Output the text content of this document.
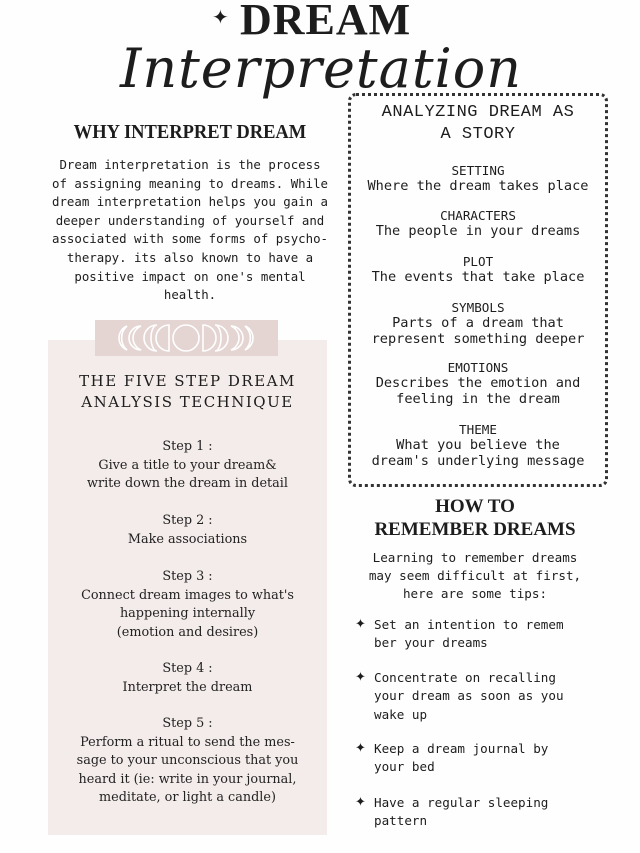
DREAM
✦
Interpretation
WHY INTERPRET DREAM
Dream interpretation is the process
of assigning meaning to dreams. While
dream interpretation helps you gain a
deeper understanding of yourself and
associated with some forms of psycho-
therapy. its also known to have a
positive impact on one's mental
health.
ANALYZING DREAM AS
A STORY
SETTING
Where the dream takes place
CHARACTERS
The people in your dreams
PLOT
The events that take place
SYMBOLS
Parts of a dream that
represent something deeper
EMOTIONS
Describes the emotion and
feeling in the dream
THEME
What you believe the
dream's underlying message
THE FIVE STEP DREAM
ANALYSIS TECHNIQUE
Step 1 :
Give a title to your dream&
write down the dream in detail
Step 2 :
Make associations
Step 3 :
Connect dream images to what's
happening internally
(emotion and desires)
Step 4 :
Interpret the dream
Step 5 :
Perform a ritual to send the mes-
sage to your unconscious that you
heard it (ie: write in your journal,
meditate, or light a candle)
HOW TO
REMEMBER DREAMS
Learning to remember dreams
may seem difficult at first,
here are some tips:
✦ Set an intention to remem
ber your dreams
✦ Concentrate on recalling
your dream as soon as you
wake up
✦ Keep a dream journal by
your bed
✦ Have a regular sleeping
pattern
